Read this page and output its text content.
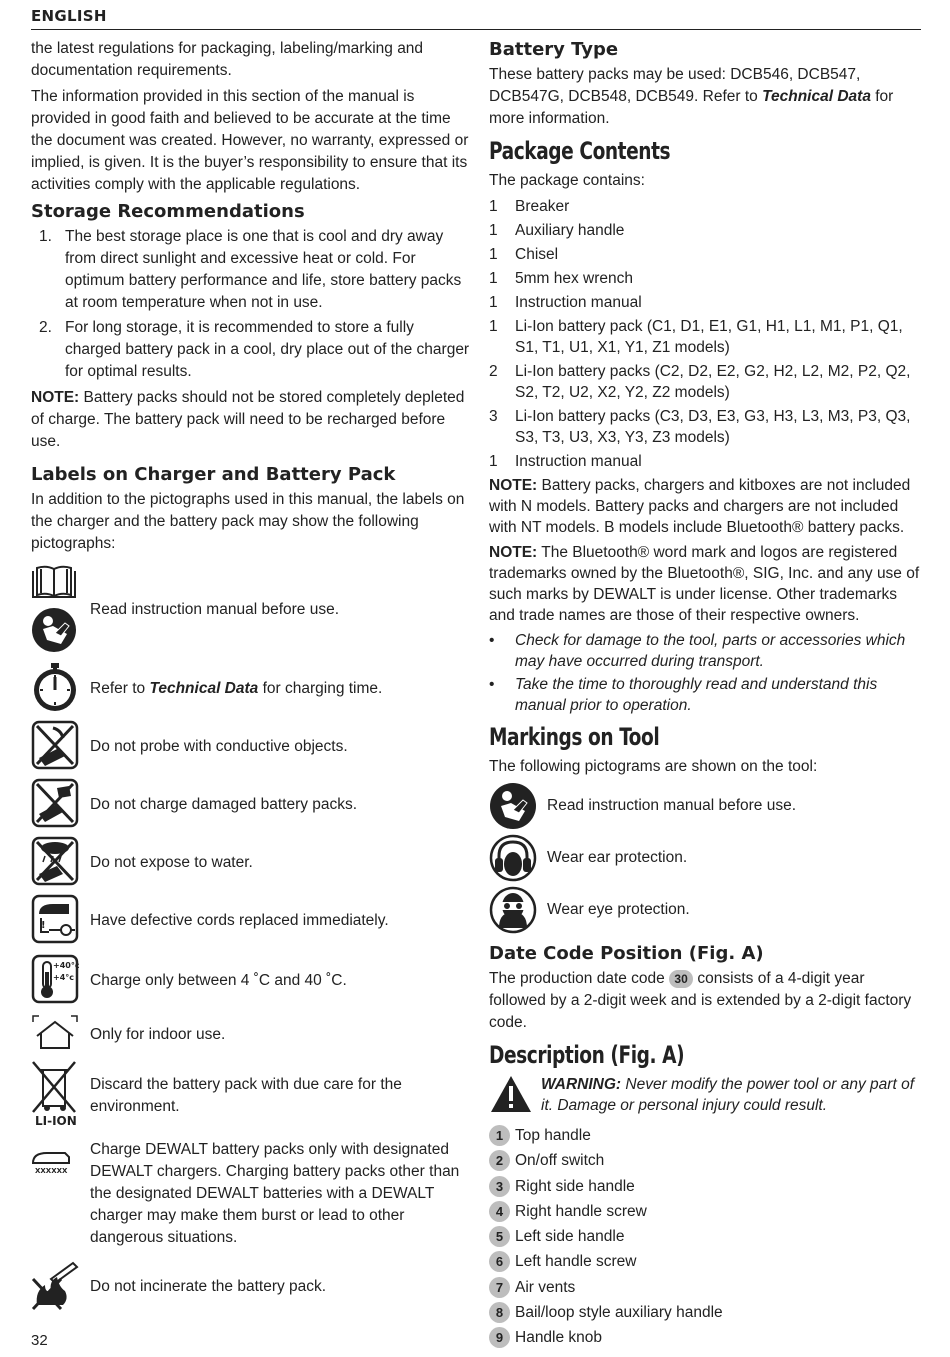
ENGLISH

the latest regulations for packaging, labeling/marking and documentation requirements.

The information provided in this section of the manual is provided in good faith and believed to be accurate at the time the document was created. However, no warranty, expressed or implied, is given. It is the buyer’s responsibility to ensure that its activities comply with the applicable regulations.

Storage Recommendations
1. The best storage place is one that is cool and dry away from direct sunlight and excessive heat or cold. For optimum battery performance and life, store battery packs at room temperature when not in use.
2. For long storage, it is recommended to store a fully charged battery pack in a cool, dry place out of the charger for optimal results.

NOTE: Battery packs should not be stored completely depleted of charge. The battery pack will need to be recharged before use.

Labels on Charger and Battery Pack

In addition to the pictographs used in this manual, the labels on the charger and the battery pack may show the following pictographs:

Read instruction manual before use.
Refer to Technical Data for charging time.
Do not probe with conductive objects.
Do not charge damaged battery packs.
Do not expose to water.
!	Have defective cords replaced immediately.
+40°c
+4°c	Charge only between 4 ˚C and 40 ˚C.
Only for indoor use.
LI-ION
Discard the battery pack with due care for the environment.
XXXXXX
Charge DEWALT battery packs only with designated DEWALT chargers. Charging battery packs other than the designated DEWALT batteries with a DEWALT charger may make them burst or lead to other dangerous situations.
Do not incinerate the battery pack.
Battery Type

These battery packs may be used: DCB546, DCB547, DCB547G, DCB548, DCB549. Refer to Technical Data for more information.

Package Contents

The package contains:

1	Breaker
1	Auxiliary handle
1	Chisel
1	5mm hex wrench
1	Instruction manual
1	Li-Ion battery pack (C1, D1, E1, G1, H1, L1, M1, P1, Q1, S1, T1, U1, X1, Y1, Z1 models)
2	Li-Ion battery packs (C2, D2, E2, G2, H2, L2, M2, P2, Q2, S2, T2, U2, X2, Y2, Z2 models)
3	Li-Ion battery packs (C3, D3, E3, G3, H3, L3, M3, P3, Q3, S3, T3, U3, X3, Y3, Z3 models)
1	Instruction manual

NOTE: Battery packs, chargers and kitboxes are not included with N models. Battery packs and chargers are not included with NT models. B models include Bluetooth® battery packs.

NOTE: The Bluetooth® word mark and logos are registered trademarks owned by the Bluetooth®, SIG, Inc. and any use of such marks by DEWALT is under license. Other trademarks and trade names are those of their respective owners.

•	Check for damage to the tool, parts or accessories which may have occurred during transport.
•	Take the time to thoroughly read and understand this manual prior to operation.
Markings on Tool

The following pictograms are shown on the tool:

Read instruction manual before use.
Wear ear protection.
Wear eye protection.
Date Code Position (Fig. A)

The production date code 30 consists of a 4-digit year followed by a 2-digit week and is extended by a 2-digit factory code.

Description (Fig. A)

WARNING: Never modify the power tool or any part of it. Damage or personal injury could result.

1 Top handle
2 On/off switch
3 Right side handle
4 Right handle screw
5 Left side handle
6 Left handle screw
7 Air vents
8 Bail/loop style auxiliary handle
9 Handle knob
32
